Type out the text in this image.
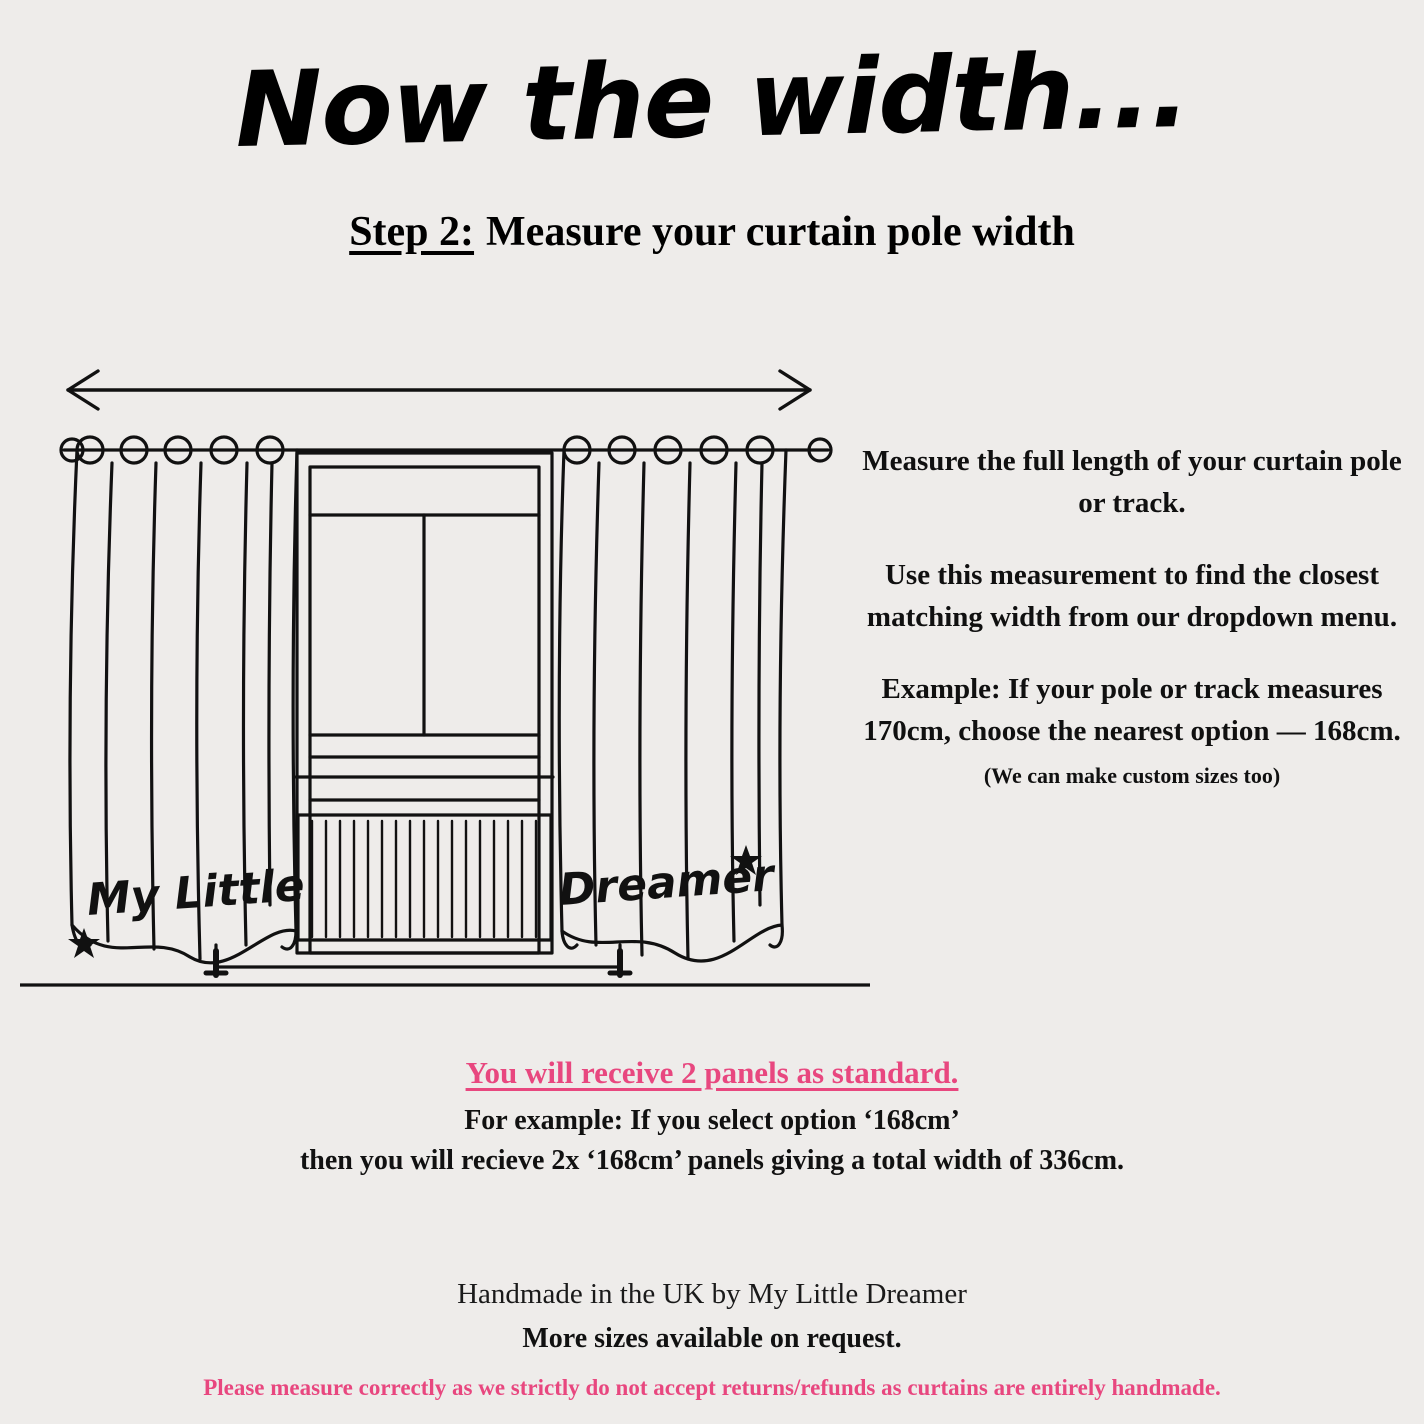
Now the width...
Step 2: Measure your curtain pole width
My Little	Dreamer

Measure the full length of your curtain pole or track.

Use this measurement to find the closest matching width from our dropdown menu.

Example: If your pole or track measures 170cm, choose the nearest option — 168cm.

(We can make custom sizes too)

You will receive 2 panels as standard.
For example: If you select option ‘168cm’
then you will recieve 2x ‘168cm’ panels giving a total width of 336cm.
Handmade in the UK by My Little Dreamer
More sizes available on request.
Please measure correctly as we strictly do not accept returns/refunds as curtains are entirely handmade.
